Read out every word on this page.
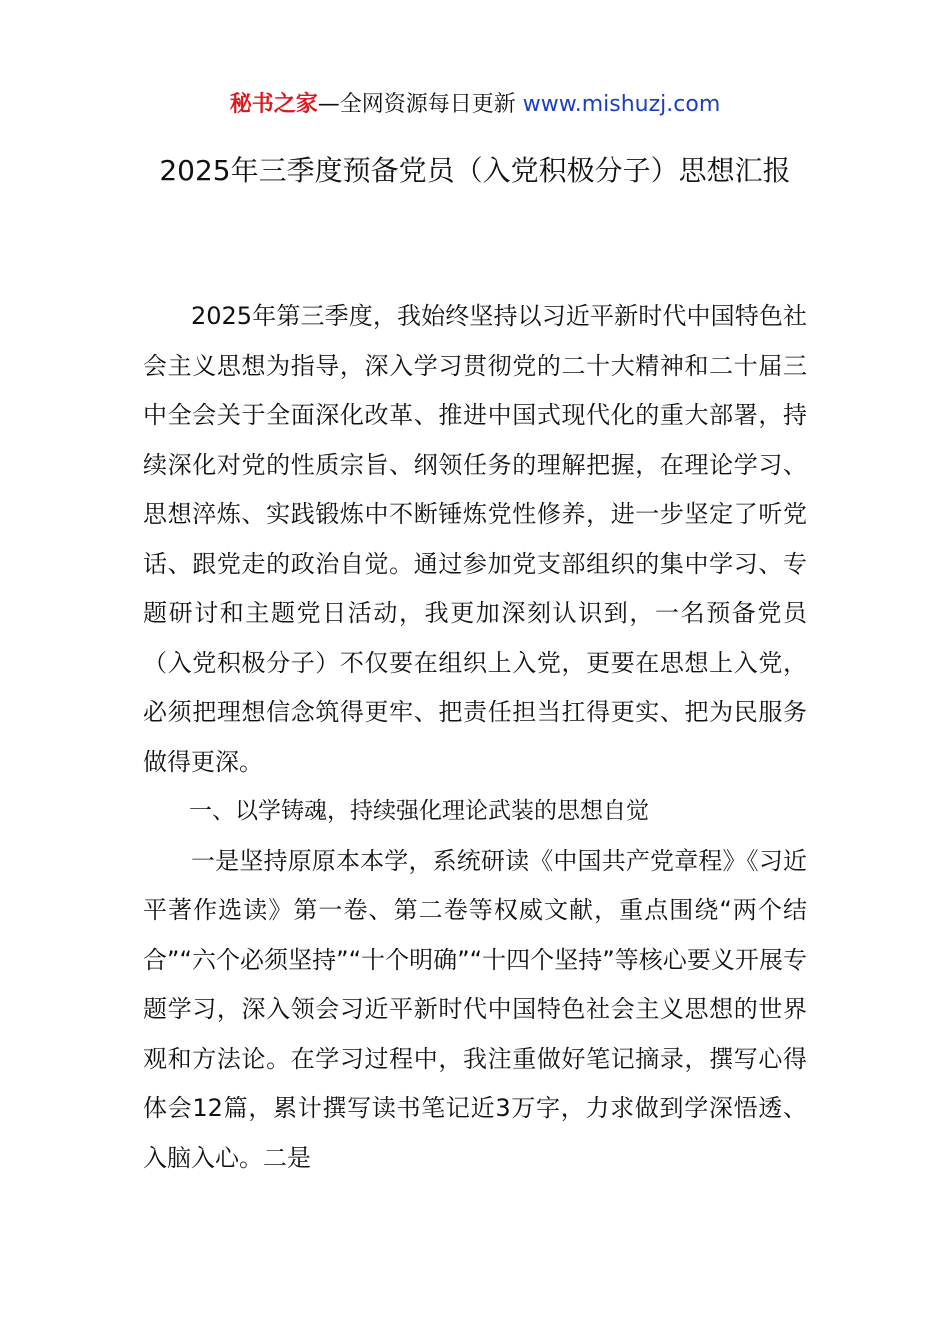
秘书之家—全网资源每日更新 www.mishuzj.com
2025年三季度预备党员（入党积极分子）思想汇报

2025年第三季度，我始终坚持以习近平新时代中国特色社会主义思想为指导，深入学习贯彻党的二十大精神和二十届三中全会关于全面深化改革、推进中国式现代化的重大部署，持续深化对党的性质宗旨、纲领任务的理解把握，在理论学习、思想淬炼、实践锻炼中不断锤炼党性修养，进一步坚定了听党话、跟党走的政治自觉。通过参加党支部组织的集中学习、专题研讨和主题党日活动，我更加深刻认识到，一名预备党员（入党积极分子）不仅要在组织上入党，更要在思想上入党，必须把理想信念筑得更牢、把责任担当扛得更实、把为民服务做得更深。

一、以学铸魂，持续强化理论武装的思想自觉

一是坚持原原本本学，系统研读《中国共产党章程》《习近平著作选读》第一卷、第二卷等权威文献，重点围绕“两个结合”“六个必须坚持”“十个明确”“十四个坚持”等核心要义开展专题学习，深入领会习近平新时代中国特色社会主义思想的世界观和方法论。在学习过程中，我注重做好笔记摘录，撰写心得体会12篇，累计撰写读书笔记近3万字，力求做到学深悟透、入脑入心。二是
